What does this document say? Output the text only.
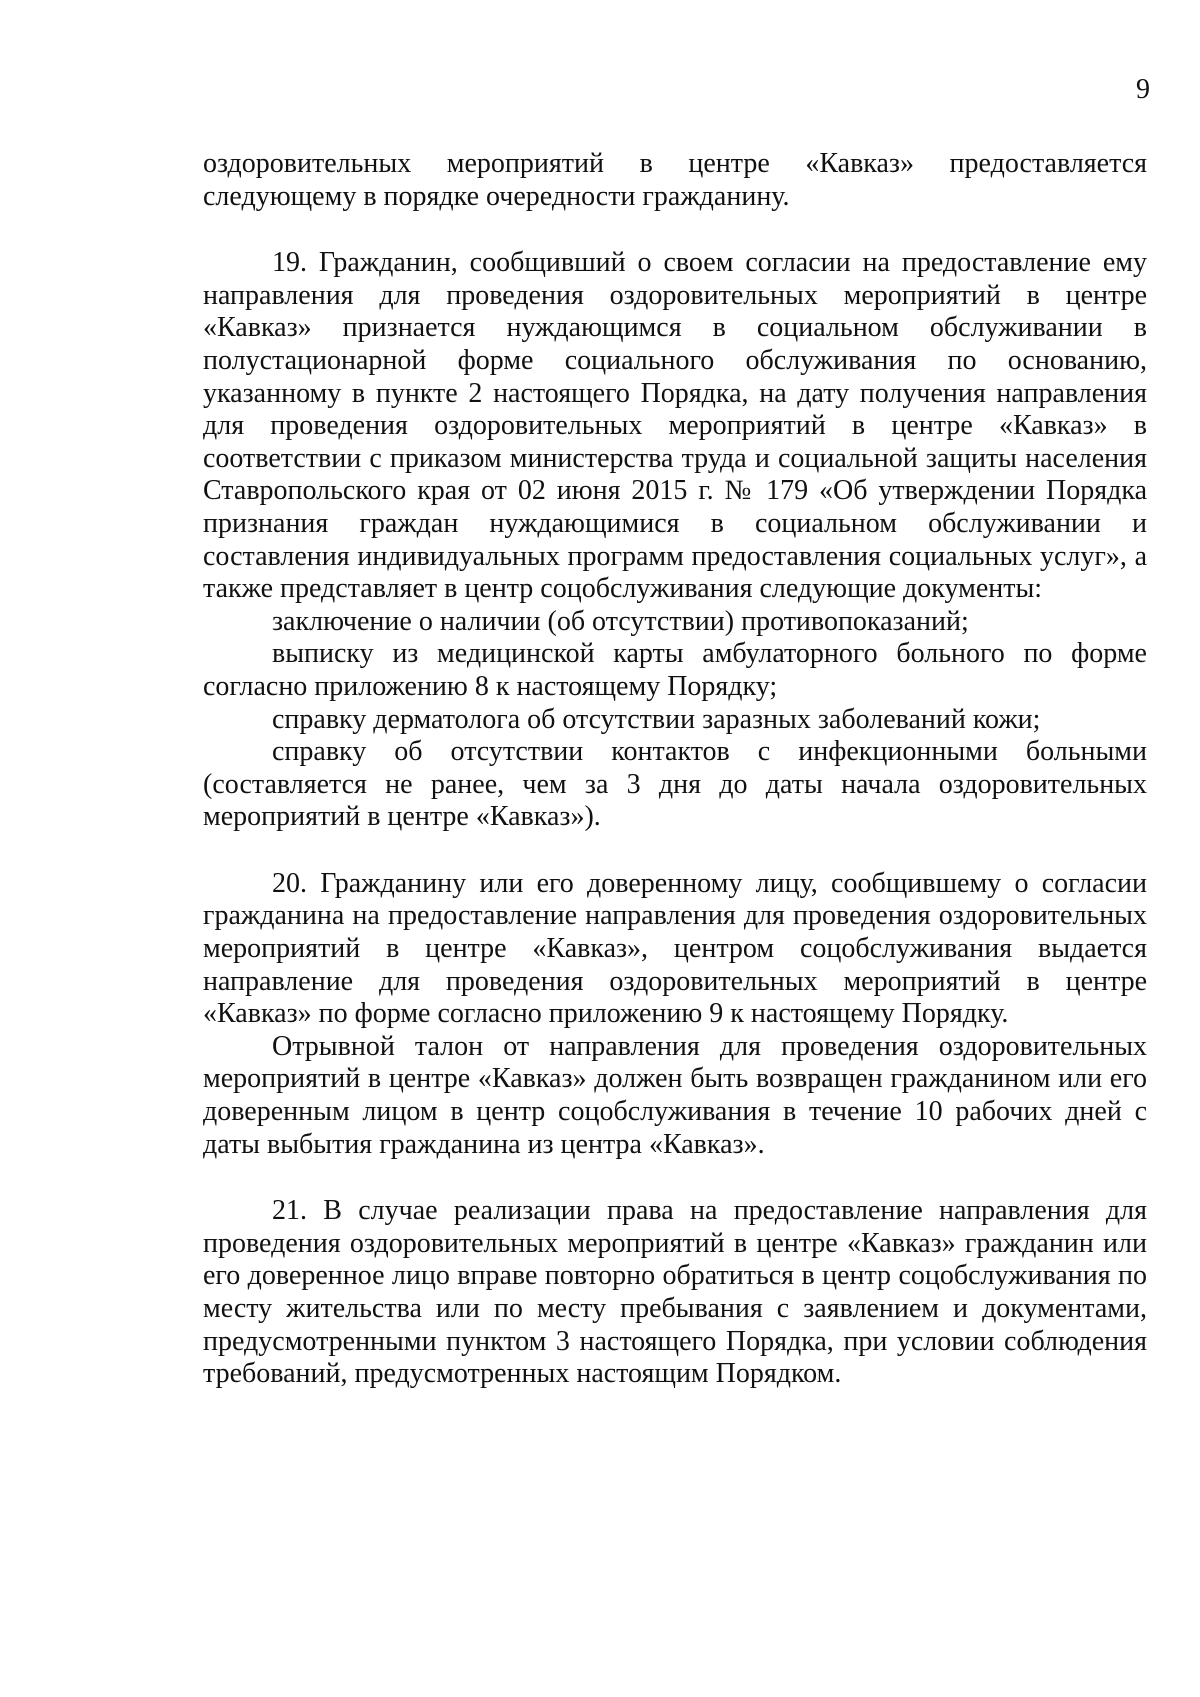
9

оздоровительных мероприятий в центре «Кавказ» предоставляется следующему в порядке очередности гражданину.

19. Гражданин, сообщивший о своем согласии на предоставление ему направления для проведения оздоровительных мероприятий в центре «Кавказ» признается нуждающимся в социальном обслуживании в полустационарной форме социального обслуживания по основанию, указанному в пункте 2 настоящего Порядка, на дату получения направления для проведения оздоровительных мероприятий в центре «Кавказ» в соответствии с приказом министерства труда и социальной защиты населения Ставропольского края от 02 июня 2015 г. № 179 «Об утверждении Порядка признания граждан нуждающимися в социальном обслуживании и составления индивидуальных программ предоставления социальных услуг», а также представляет в центр соцобслуживания следующие документы:

заключение о наличии (об отсутствии) противопоказаний;

выписку из медицинской карты амбулаторного больного по форме согласно приложению 8 к настоящему Порядку;

справку дерматолога об отсутствии заразных заболеваний кожи;

справку об отсутствии контактов с инфекционными больными (составляется не ранее, чем за 3 дня до даты начала оздоровительных мероприятий в центре «Кавказ»).

20. Гражданину или его доверенному лицу, сообщившему о согласии гражданина на предоставление направления для проведения оздоровительных мероприятий в центре «Кавказ», центром соцобслуживания выдается направление для проведения оздоровительных мероприятий в центре «Кавказ» по форме согласно приложению 9 к настоящему Порядку.

Отрывной талон от направления для проведения оздоровительных мероприятий в центре «Кавказ» должен быть возвращен гражданином или его доверенным лицом в центр соцобслуживания в течение 10 рабочих дней с даты выбытия гражданина из центра «Кавказ».

21. В случае реализации права на предоставление направления для проведения оздоровительных мероприятий в центре «Кавказ» гражданин или его доверенное лицо вправе повторно обратиться в центр соцобслуживания по месту жительства или по месту пребывания с заявлением и документами, предусмотренными пунктом 3 настоящего Порядка, при условии соблюдения требований, предусмотренных настоящим Порядком.
